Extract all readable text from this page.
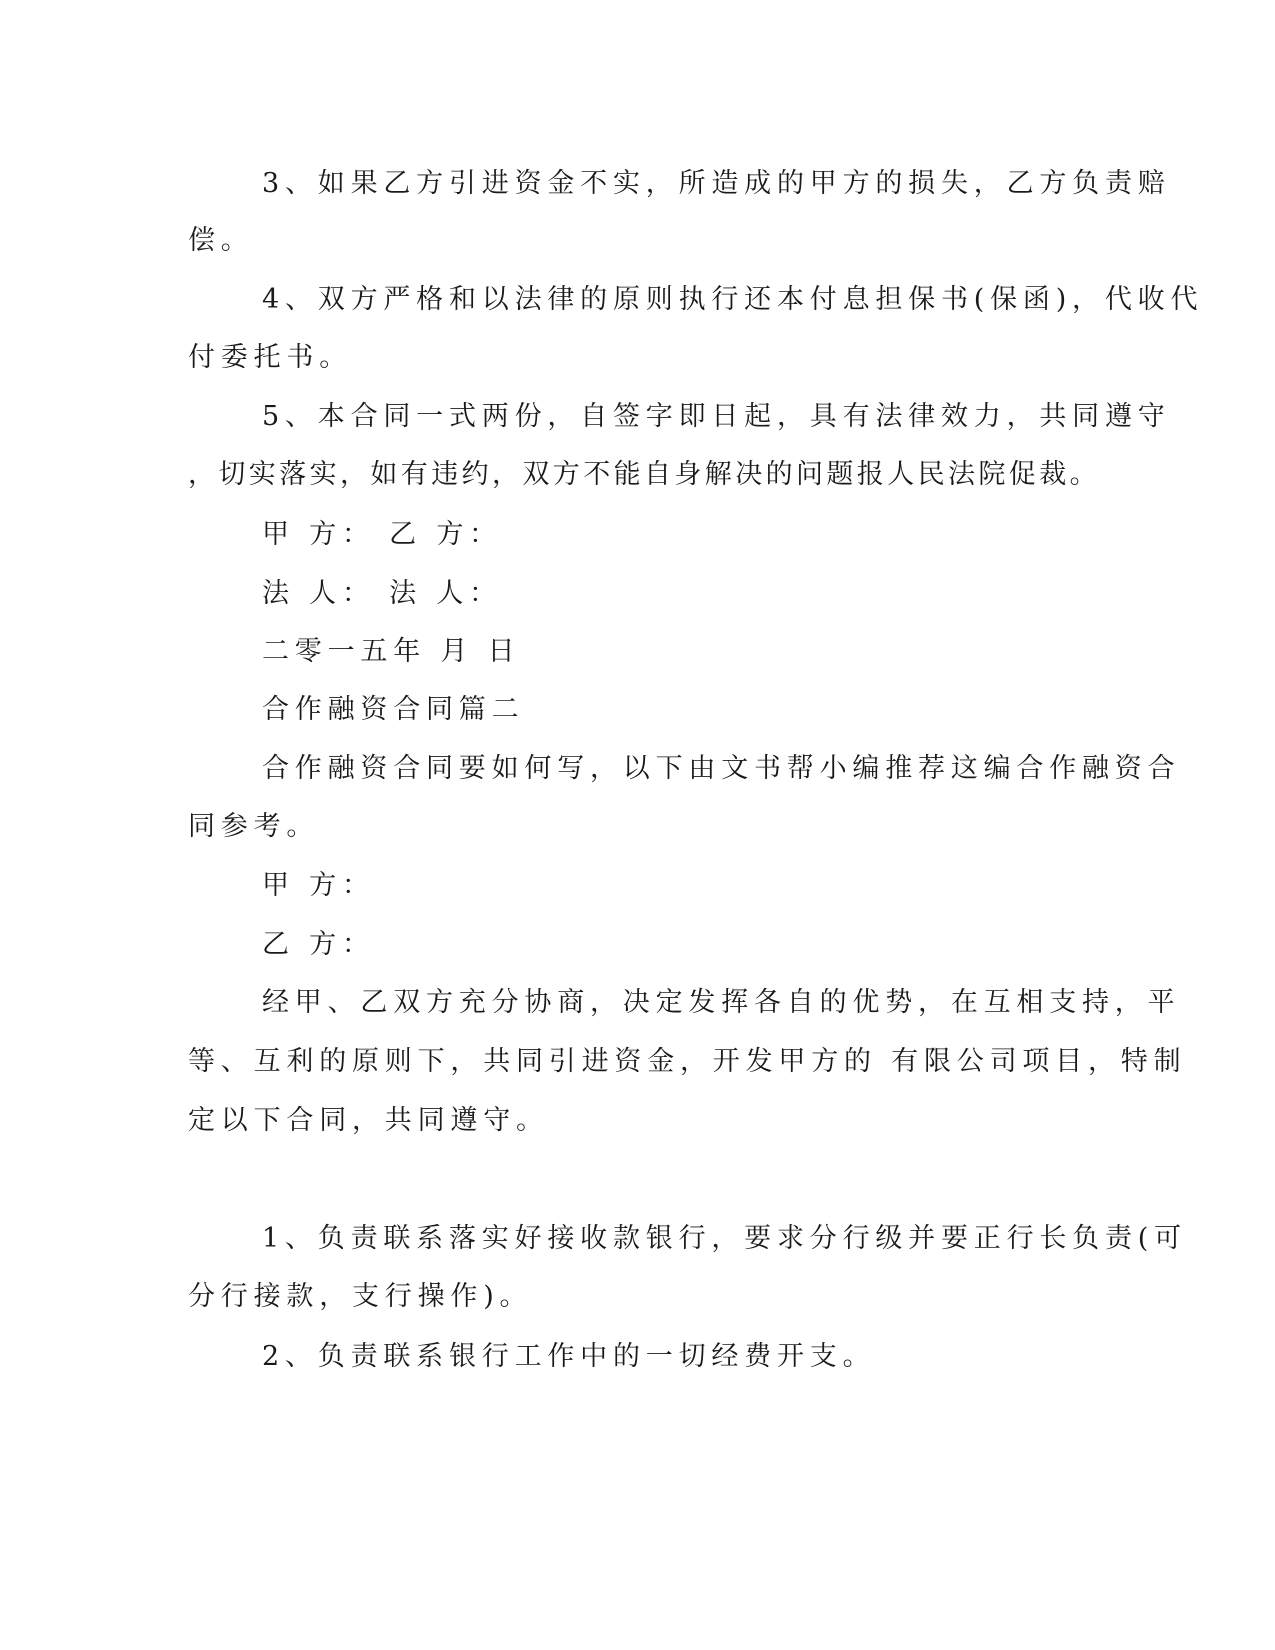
3、如果乙方引进资金不实，所造成的甲方的损失，乙方负责赔

偿。

4、双方严格和以法律的原则执行还本付息担保书(保函)，代收代

付委托书。

5、本合同一式两份，自签字即日起，具有法律效力，共同遵守

，切实落实，如有违约，双方不能自身解决的问题报人民法院促裁。

甲 方： 乙 方：

法 人： 法 人：

二零一五年 月 日

合作融资合同篇二

合作融资合同要如何写，以下由文书帮小编推荐这编合作融资合

同参考。

甲 方：

乙 方：

经甲、乙双方充分协商，决定发挥各自的优势，在互相支持，平

等、互利的原则下，共同引进资金，开发甲方的 有限公司项目，特制

定以下合同，共同遵守。

1、负责联系落实好接收款银行，要求分行级并要正行长负责(可

分行接款，支行操作)。

2、负责联系银行工作中的一切经费开支。
